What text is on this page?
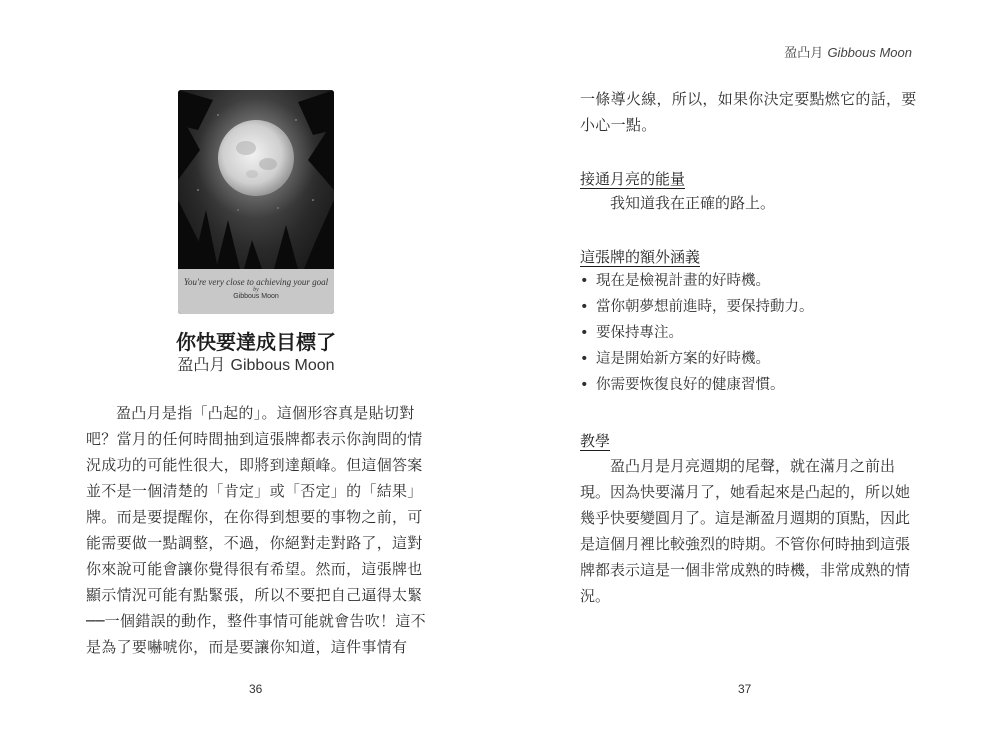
You're very close to achieving your goal
by
Gibbous Moon
你快要達成目標了
盈凸月 Gibbous Moon

盈凸月是指「凸起的」。這個形容真是貼切對吧？當月的任何時間抽到這張牌都表示你詢問的情況成功的可能性很大，即將到達顛峰。但這個答案並不是一個清楚的「肯定」或「否定」的「結果」牌。而是要提醒你，在你得到想要的事物之前，可能需要做一點調整，不過，你絕對走對路了，這對你來說可能會讓你覺得很有希望。然而，這張牌也顯示情況可能有點緊張，所以不要把自己逼得太緊──一個錯誤的動作，整件事情可能就會告吹！這不是為了要嚇唬你，而是要讓你知道，這件事情有

36
盈凸月 Gibbous Moon

一條導火線，所以，如果你決定要點燃它的話，要小心一點。

接通月亮的能量

我知道我在正確的路上。

這張牌的額外涵義
• 現在是檢視計畫的好時機。
• 當你朝夢想前進時，要保持動力。
• 要保持專注。
• 這是開始新方案的好時機。
• 你需要恢復良好的健康習慣。
教學

盈凸月是月亮週期的尾聲，就在滿月之前出現。因為快要滿月了，她看起來是凸起的，所以她幾乎快要變圓月了。這是漸盈月週期的頂點，因此是這個月裡比較強烈的時期。不管你何時抽到這張牌都表示這是一個非常成熟的時機，非常成熟的情況。

37
